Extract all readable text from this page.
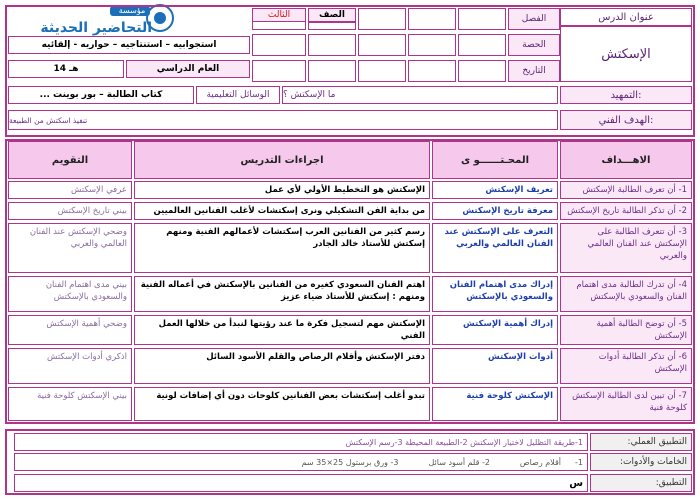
مؤسسة
التحاضير الحديثة
عنوان الدرس
الإسكتش
الفصل
الحصة
التاريخ
الصف
الثالث
استجوابيه – استنتاجيه – حواريه - إلقائيه
العام الدراسي
14 هـ
التمهيد:
ما الإسكتش ؟
الوسائل التعليمية
كتاب الطالبة – بور بوينت ...
الهدف الفني:
تنفيذ اسكتش من الطبيعة
الاهـــداف
المحـتــــــو ى
اجراءات التدريس
التقويم
1- أن تعرف الطالبة الإسكتش
تعريف الإسكتش
الإسكتش هو التخطيط الأولي لأي عمل
عرفي الإسكتش
2- أن تذكر الطالبة تاريخ الإسكتش
معرفة تاريخ الإسكتش
من بداية الفن التشكيلي ونرى إسكتشات لأغلب الفنانين العالميين
بيني تاريخ الإسكتش
3- أن تتعرف الطالبة على الإسكتش عند الفنان العالمي والعربي
التعرف على الإسكتش عند الفنان العالمي والعربي
رسم كثير من الفنانين العرب إسكتشات لأعمالهم الفنية ومنهم إسكتش للأستاذ خالد الجادر
وضحي الإسكتش عند الفنان العالمي والعربي
4- أن تدرك الطالبة مدى اهتمام الفنان والسعودي بالإسكتش
إدراك مدى اهتمام الفنان والسعودي بالإسكتش
اهتم الفنان السعودي كغيره من الفنانين بالإسكتش في أعماله الفنية ومنهم : إسكتش للأستاذ ضياء عزيز
بيني مدى اهتمام الفنان والسعودي بالإسكتش
5- أن توضح الطالبة أهمية الإسكتش
إدراك أهمية الإسكتش
الإسكتش مهم لتسجيل فكرة ما عند رؤيتها لنبدأ من خلالها العمل الفني
وضحي أهمية الإسكتش
6- أن تذكر الطالبة أدوات الإسكتش
أدوات الإسكتش
دفتر الإسكتش وأقلام الرصاص والقلم الأسود السائل
اذكري أدوات الإسكتش
7- أن تبين لدى الطالبة الإسكتش كلوحة فنية
الإسكتش كلوحة فنية
تبدو أغلب إسكتشات بعض الفنانين كلوحات دون أي إضافات لونية
بيني الإسكتش كلوحة فنية
التطبيق العملي:
1-طريقة التظليل لاختيار الإسكتش 2-الطبيعة المحيطة 3-رسم الإسكتش
الخامات والأدوات:
1-
أقلام رصاص
2- قلم أسود سائل
3- ورق برستول 25×35 سم
التطبيق:
س
